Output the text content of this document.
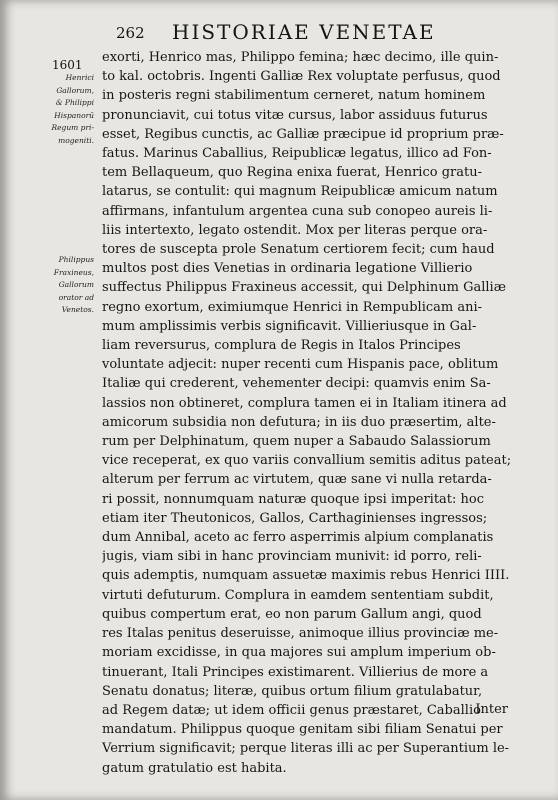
262 HISTORIAE VENETAE
1601
Henrici
Gallorum,
& Philippi
Hispanorū
Regum pri-
mogeniti.
Philippus
Fraxineus,
Gallorum
orator ad
Venetos.
exorti, Henrico mas, Philippo femina; hæc decimo, ille quin-
to kal. octobris. Ingenti Galliæ Rex voluptate perfusus, quod
in posteris regni stabilimentum cerneret, natum hominem
pronunciavit, cui totus vitæ cursus, labor assiduus futurus
esset, Regibus cunctis, ac Galliæ præcipue id proprium præ-
fatus. Marinus Caballius, Reipublicæ legatus, illico ad Fon-
tem Bellaqueum, quo Regina enixa fuerat, Henrico gratu-
latarus, se contulit: qui magnum Reipublicæ amicum natum
affirmans, infantulum argentea cuna sub conopeo aureis li-
liis intertexto, legato ostendit. Mox per literas perque ora-
tores de suscepta prole Senatum certiorem fecit; cum haud
multos post dies Venetias in ordinaria legatione Villierio
suffectus Philippus Fraxineus accessit, qui Delphinum Galliæ
regno exortum, eximiumque Henrici in Rempublicam ani-
mum amplissimis verbis significavit. Villieriusque in Gal-
liam reversurus, complura de Regis in Italos Principes
voluntate adjecit: nuper recenti cum Hispanis pace, oblitum
Italiæ qui crederent, vehementer decipi: quamvis enim Sa-
lassios non obtineret, complura tamen ei in Italiam itinera ad
amicorum subsidia non defutura; in iis duo præsertim, alte-
rum per Delphinatum, quem nuper a Sabaudo Salassiorum
vice receperat, ex quo variis convallium semitis aditus pateat;
alterum per ferrum ac virtutem, quæ sane vi nulla retarda-
ri possit, nonnumquam naturæ quoque ipsi imperitat: hoc
etiam iter Theutonicos, Gallos, Carthaginienses ingressos;
dum Annibal, aceto ac ferro asperrimis alpium complanatis
jugis, viam sibi in hanc provinciam munivit: id porro, reli-
quis ademptis, numquam assuetæ maximis rebus Henrici IIII.
virtuti defuturum. Complura in eamdem sententiam subdit,
quibus compertum erat, eo non parum Gallum angi, quod
res Italas penitus deseruisse, animoque illius provinciæ me-
moriam excidisse, in qua majores sui amplum imperium ob-
tinuerant, Itali Principes existimarent. Villierius de more a
Senatu donatus; literæ, quibus ortum filium gratulabatur,
ad Regem datæ; ut idem officii genus præstaret, Caballio
mandatum. Philippus quoque genitam sibi filiam Senatui per
Verrium significavit; perque literas illi ac per Superantium le-
gatum gratulatio est habita.
Inter
